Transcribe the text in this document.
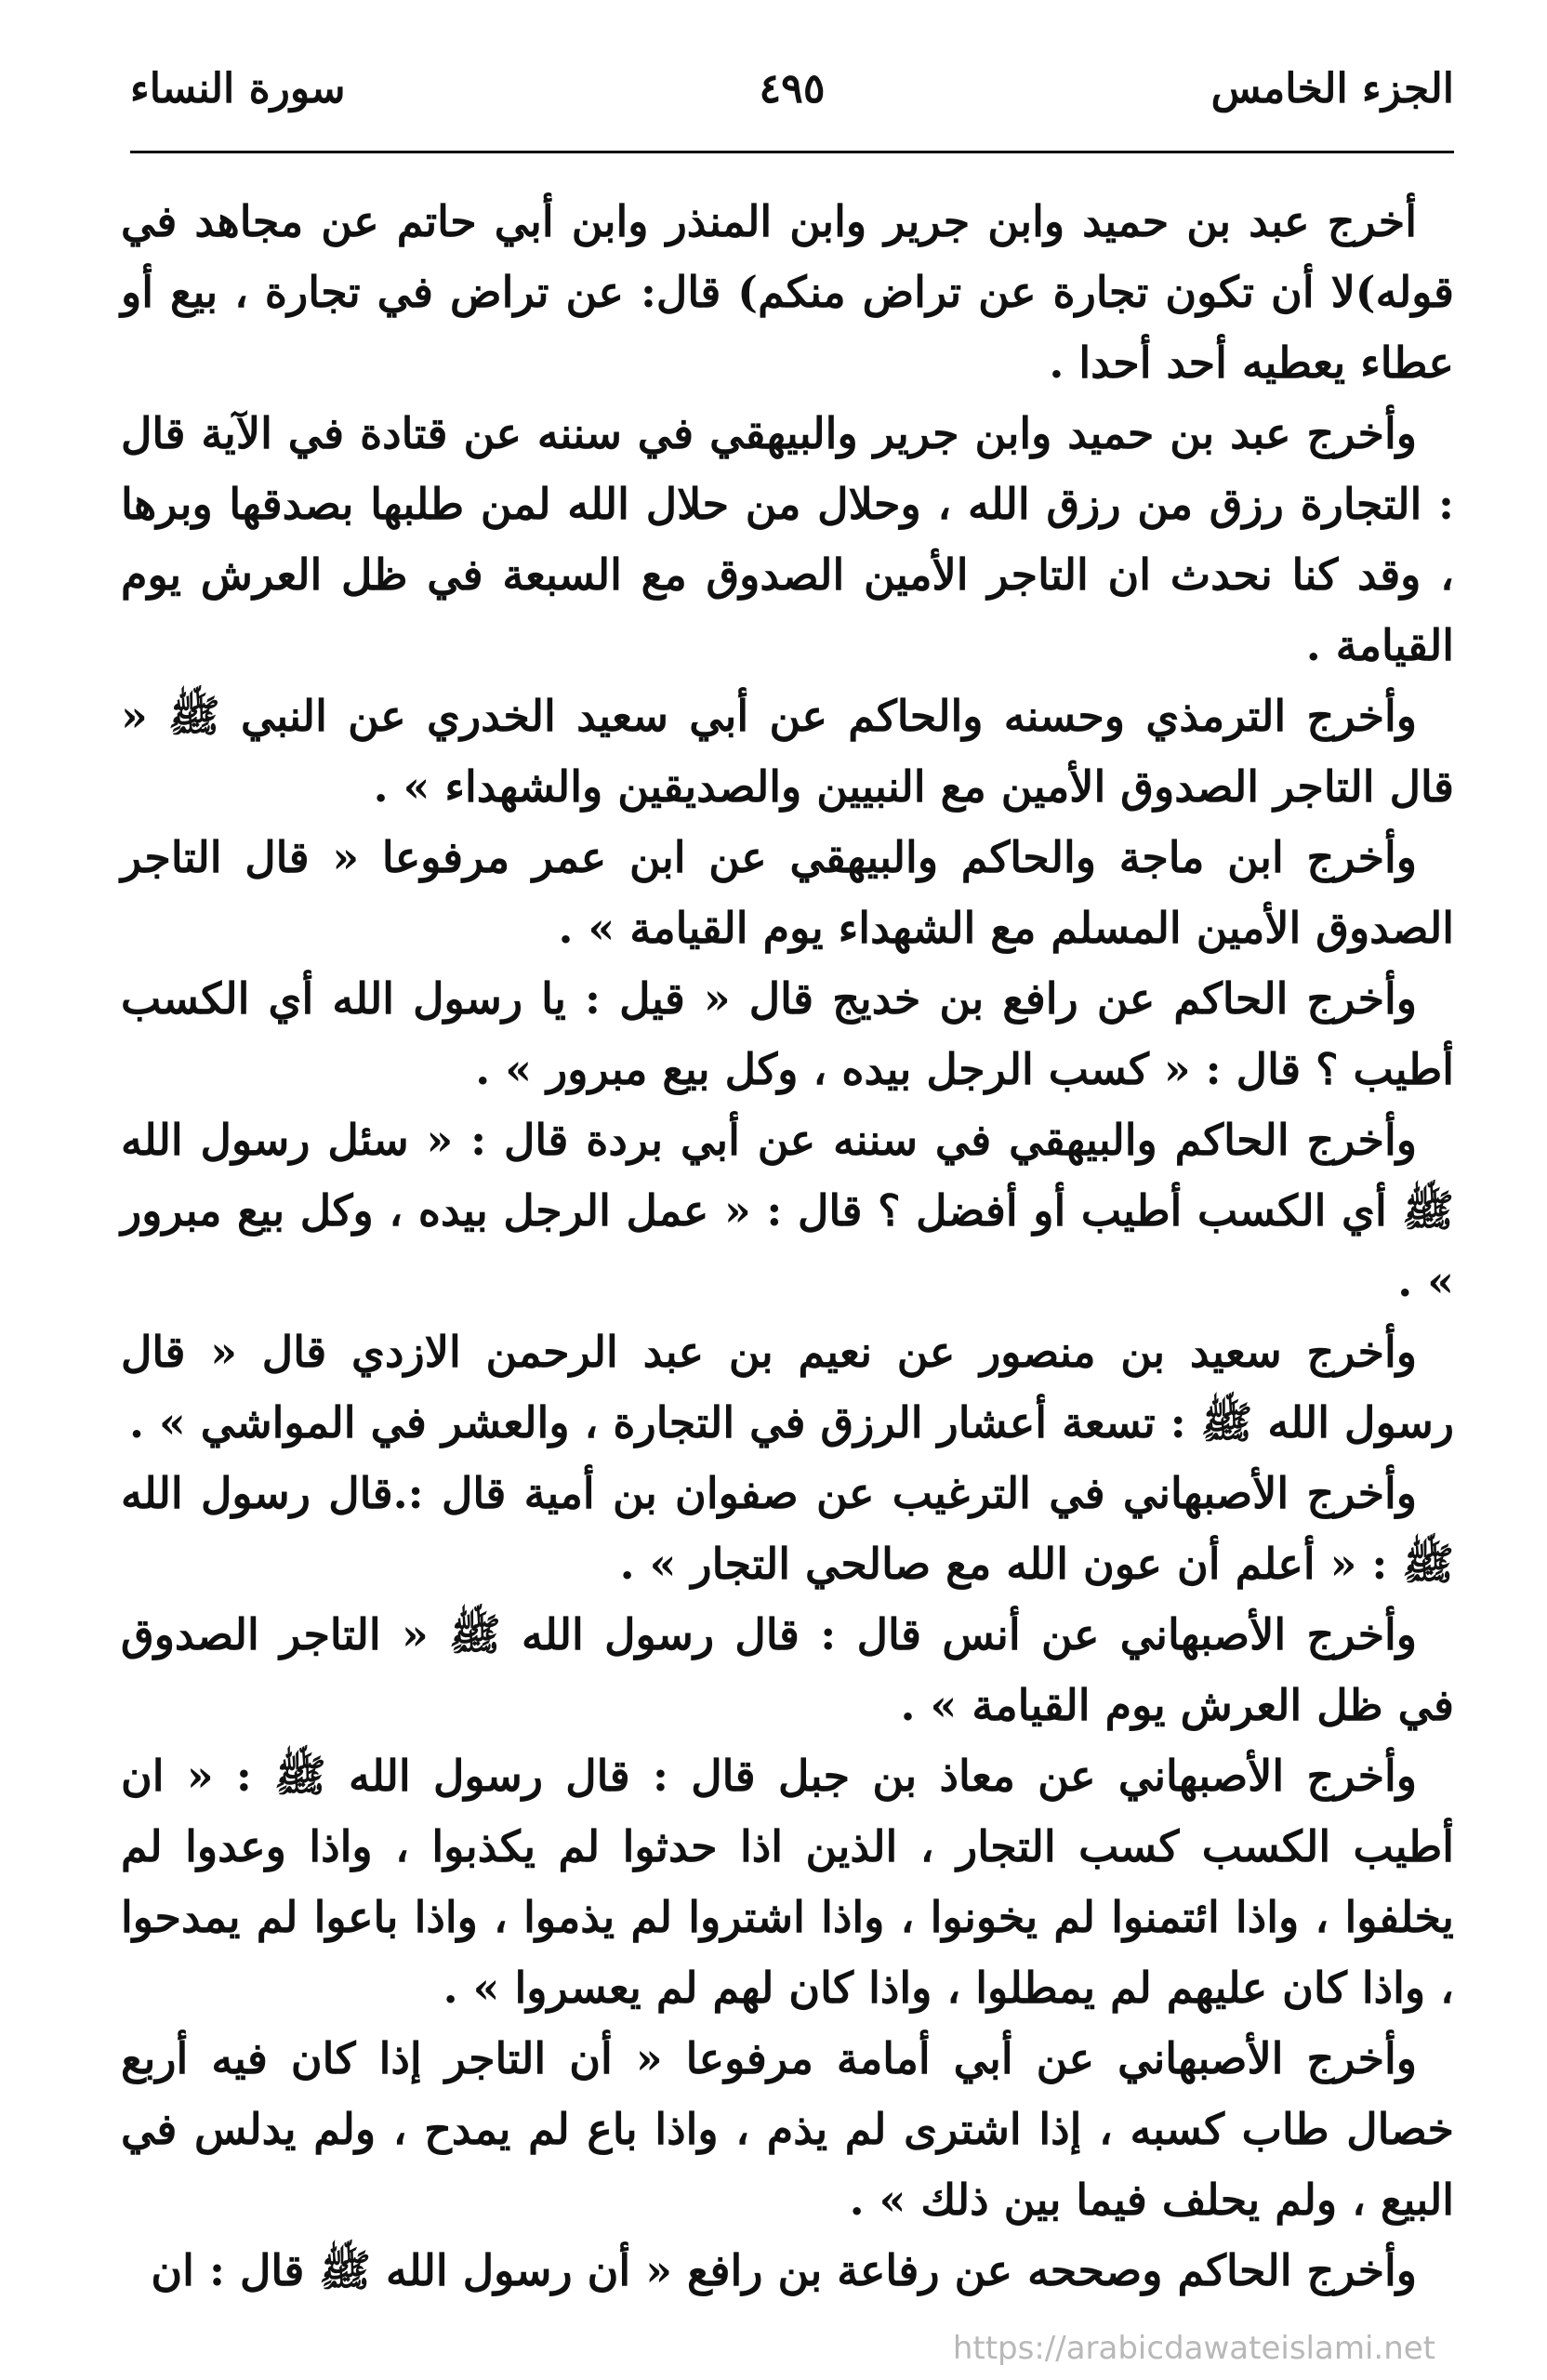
الجزء الخامس
٤٩٥
سورة النساء

أخرج عبد بن حميد وابن جرير وابن المنذر وابن أبي حاتم عن مجاهد في قوله)لا أن تكون تجارة عن تراض منكم) قال: عن تراض في تجارة ، بيع أو عطاء يعطيه أحد أحدا .

وأخرج عبد بن حميد وابن جرير والبيهقي في سننه عن قتادة في الآية قال : التجارة رزق من رزق الله ، وحلال من حلال الله لمن طلبها بصدقها وبرها ، وقد كنا نحدث ان التاجر الأمين الصدوق مع السبعة في ظل العرش يوم القيامة .

وأخرج الترمذي وحسنه والحاكم عن أبي سعيد الخدري عن النبي ﷺ « قال التاجر الصدوق الأمين مع النبيين والصديقين والشهداء » .

وأخرج ابن ماجة والحاكم والبيهقي عن ابن عمر مرفوعا « قال التاجر الصدوق الأمين المسلم مع الشهداء يوم القيامة » .

وأخرج الحاكم عن رافع بن خديج قال « قيل : يا رسول الله أي الكسب أطيب ؟ قال : « كسب الرجل بيده ، وكل بيع مبرور » .

وأخرج الحاكم والبيهقي في سننه عن أبي بردة قال : « سئل رسول الله ﷺ أي الكسب أطيب أو أفضل ؟ قال : « عمل الرجل بيده ، وكل بيع مبرور » .

وأخرج سعيد بن منصور عن نعيم بن عبد الرحمن الازدي قال « قال رسول الله ﷺ : تسعة أعشار الرزق في التجارة ، والعشر في المواشي » .

وأخرج الأصبهاني في الترغيب عن صفوان بن أمية قال :.قال رسول الله ﷺ : « أعلم أن عون الله مع صالحي التجار » .

وأخرج الأصبهاني عن أنس قال : قال رسول الله ﷺ « التاجر الصدوق في ظل العرش يوم القيامة » .

وأخرج الأصبهاني عن معاذ بن جبل قال : قال رسول الله ﷺ : « ان أطيب الكسب كسب التجار ، الذين اذا حدثوا لم يكذبوا ، واذا وعدوا لم يخلفوا ، واذا ائتمنوا لم يخونوا ، واذا اشتروا لم يذموا ، واذا باعوا لم يمدحوا ، واذا كان عليهم لم يمطلوا ، واذا كان لهم لم يعسروا » .

وأخرج الأصبهاني عن أبي أمامة مرفوعا « أن التاجر إذا كان فيه أربع خصال طاب كسبه ، إذا اشترى لم يذم ، واذا باع لم يمدح ، ولم يدلس في البيع ، ولم يحلف فيما بين ذلك » .

وأخرج الحاكم وصححه عن رفاعة بن رافع « أن رسول الله ﷺ قال : ان

https://arabicdawateislami.net
